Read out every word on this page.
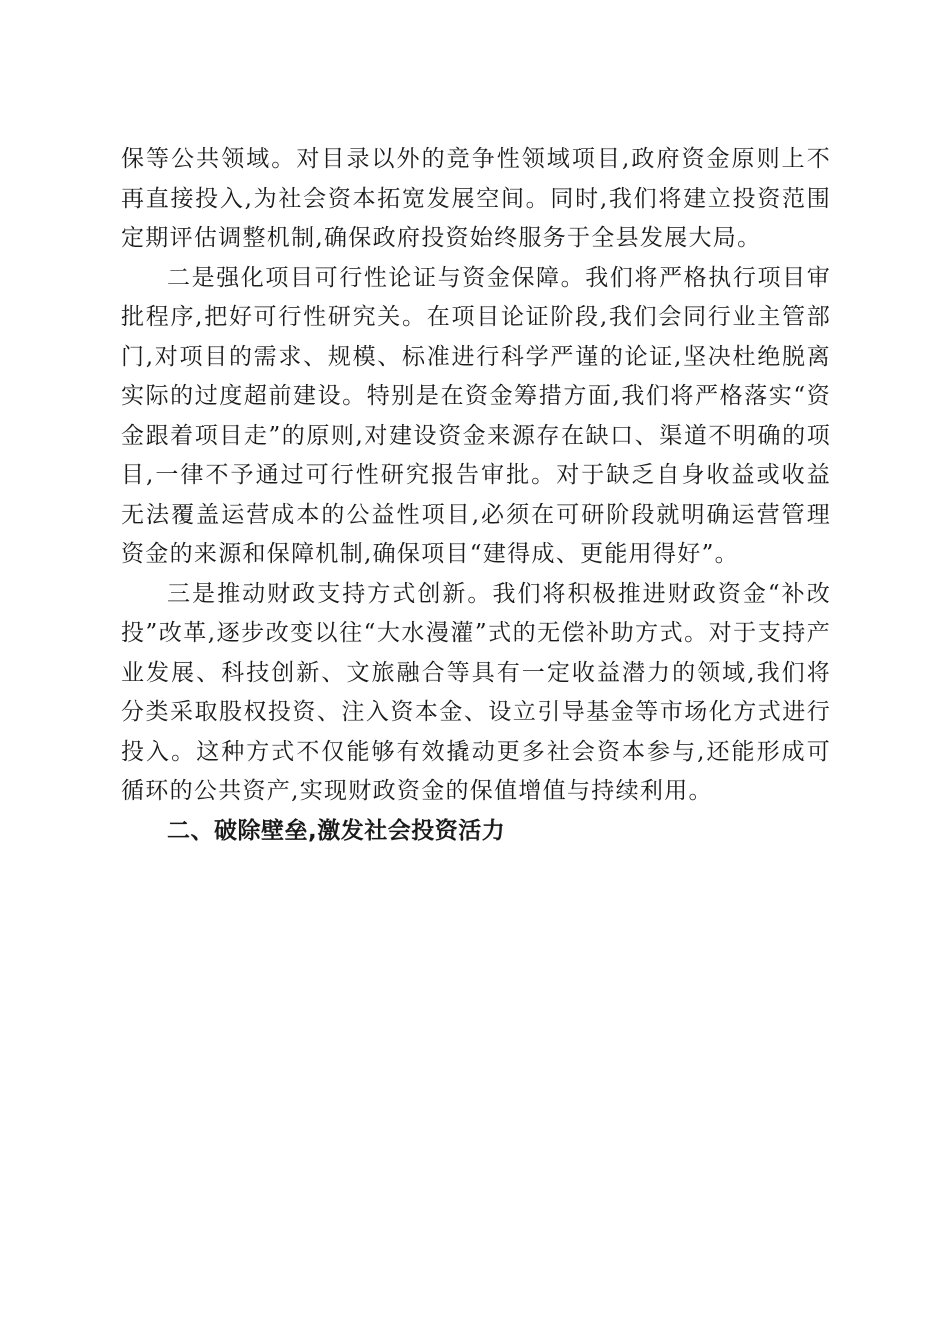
保等公共领域。对目录以外的竞争性领域项目,政府资金原则上不再直接投入,为社会资本拓宽发展空间。同时,我们将建立投资范围定期评估调整机制,确保政府投资始终服务于全县发展大局。

二是强化项目可行性论证与资金保障。我们将严格执行项目审批程序,把好可行性研究关。在项目论证阶段,我们会同行业主管部门,对项目的需求、规模、标准进行科学严谨的论证,坚决杜绝脱离实际的过度超前建设。特别是在资金筹措方面,我们将严格落实“资金跟着项目走”的原则,对建设资金来源存在缺口、渠道不明确的项目,一律不予通过可行性研究报告审批。对于缺乏自身收益或收益无法覆盖运营成本的公益性项目,必须在可研阶段就明确运营管理资金的来源和保障机制,确保项目“建得成、更能用得好”。

三是推动财政支持方式创新。我们将积极推进财政资金“补改投”改革,逐步改变以往“大水漫灌”式的无偿补助方式。对于支持产业发展、科技创新、文旅融合等具有一定收益潜力的领域,我们将分类采取股权投资、注入资本金、设立引导基金等市场化方式进行投入。这种方式不仅能够有效撬动更多社会资本参与,还能形成可循环的公共资产,实现财政资金的保值增值与持续利用。

二、破除壁垒,激发社会投资活力
